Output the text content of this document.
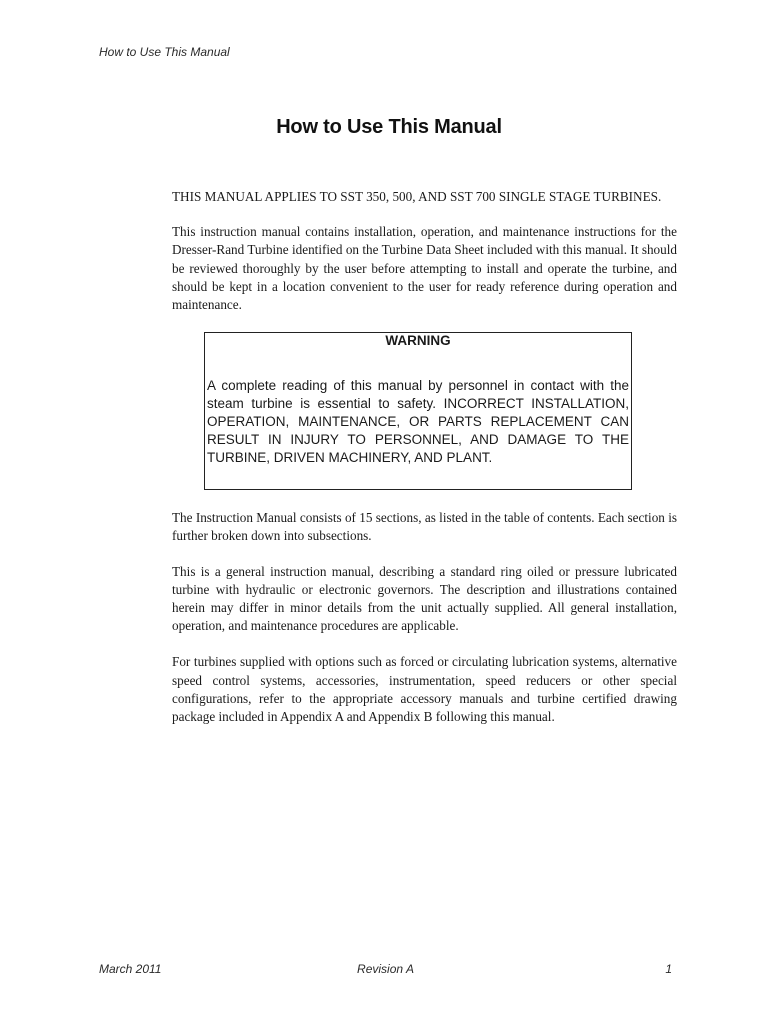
How to Use This Manual
How to Use This Manual

THIS MANUAL APPLIES TO SST 350, 500, AND SST 700 SINGLE STAGE TURBINES.

This instruction manual contains installation, operation, and maintenance instructions for the Dresser-Rand Turbine identified on the Turbine Data Sheet included with this manual. It should be reviewed thoroughly by the user before attempting to install and operate the turbine, and should be kept in a location convenient to the user for ready reference during operation and maintenance.

WARNING

A complete reading of this manual by personnel in contact with the steam turbine is essential to safety. INCORRECT INSTALLATION, OPERATION, MAINTENANCE, OR PARTS REPLACEMENT CAN RESULT IN INJURY TO PERSONNEL, AND DAMAGE TO THE TURBINE, DRIVEN MACHINERY, AND PLANT.

The Instruction Manual consists of 15 sections, as listed in the table of contents. Each section is further broken down into subsections.

This is a general instruction manual, describing a standard ring oiled or pressure lubricated turbine with hydraulic or electronic governors. The description and illustrations contained herein may differ in minor details from the unit actually supplied. All general installation, operation, and maintenance procedures are applicable.

For turbines supplied with options such as forced or circulating lubrication systems, alternative speed control systems, accessories, instrumentation, speed reducers or other special configurations, refer to the appropriate accessory manuals and turbine certified drawing package included in Appendix A and Appendix B following this manual.

March 2011	Revision A	1
